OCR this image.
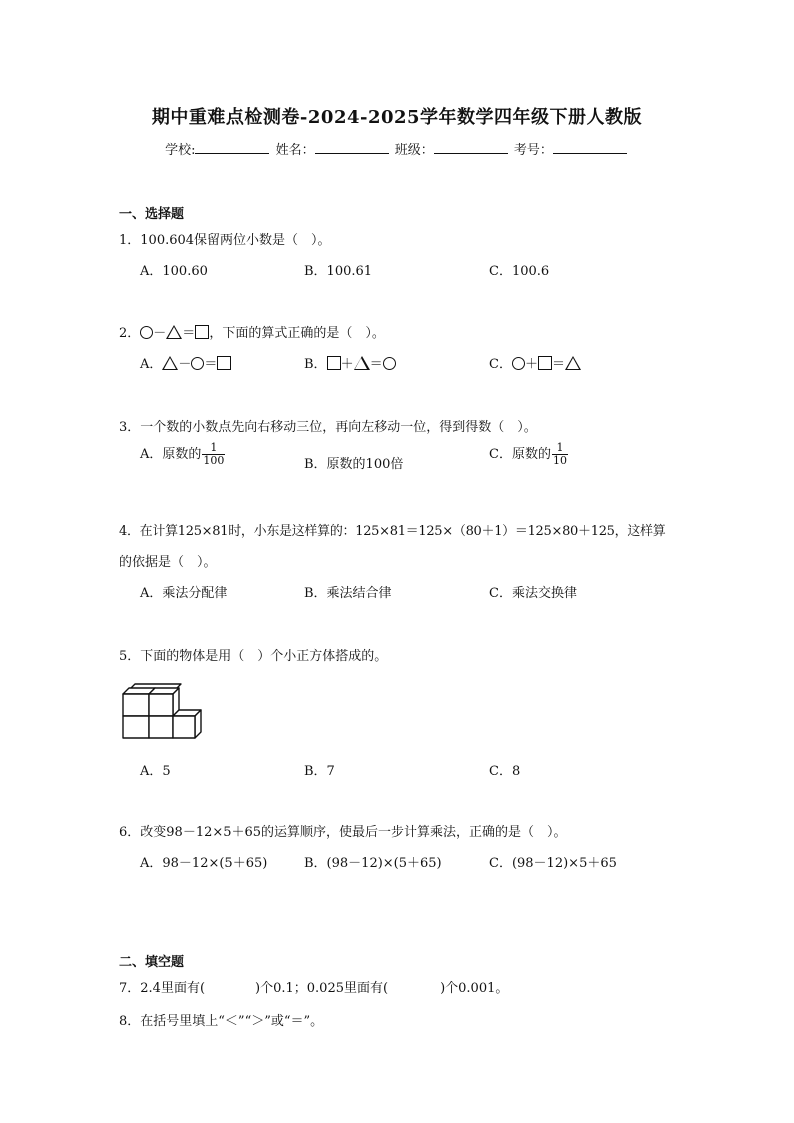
期中重难点检测卷-2024-2025学年数学四年级下册人教版
学校:	姓名：	班级：	考号：
一、选择题
1．100.604保留两位小数是（　）。
A．100.60	B．100.61	C．100.6
2． － ＝ ，下面的算式正确的是（　）。
A． － ＝	B． ＋ ＝	C． ＋ ＝
3．一个数的小数点先向右移动三位，再向左移动一位，得到得数（　）。
A．原数的 $\frac{1}{100}$	B．原数的100倍
C．原数的 $\frac{1}{10}$
4．在计算125×81时，小东是这样算的：125×81＝125×（80＋1）＝125×80＋125，这样算
的依据是（　）。
A．乘法分配律	B．乘法结合律	C．乘法交换律
5．下面的物体是用（　）个小正方体搭成的。
A．5	B．7	C．8
6．改变98－12×5＋65的运算顺序，使最后一步计算乘法，正确的是（　）。
A．98－12×(5＋65)	B．(98－12)×(5＋65)	C．(98－12)×5＋65
二、填空题
7．2.4里面有(	)个0.1；0.025里面有(	)个0.001。
8．在括号里填上“＜”“＞”或“＝”。
